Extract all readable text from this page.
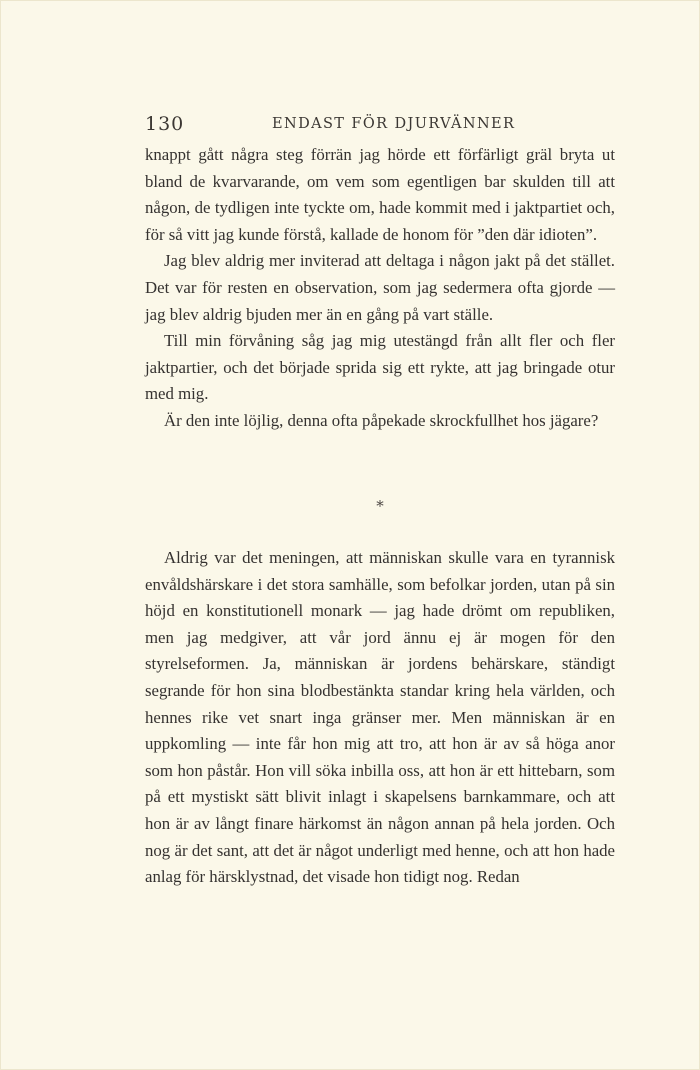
130	ENDAST FÖR DJURVÄNNER

knappt gått några steg förrän jag hörde ett förfärligt gräl bryta ut bland de kvarvarande, om vem som egentligen bar skulden till att någon, de tydligen inte tyckte om, hade kommit med i jaktpartiet och, för så vitt jag kunde förstå, kallade de honom för ”den där idioten”.

Jag blev aldrig mer inviterad att deltaga i någon jakt på det stället. Det var för resten en observation, som jag sedermera ofta gjorde — jag blev aldrig bjuden mer än en gång på vart ställe.

Till min förvåning såg jag mig utestängd från allt fler och fler jaktpartier, och det började sprida sig ett rykte, att jag bringade otur med mig.

Är den inte löjlig, denna ofta påpekade skrockfullhet hos jägare?

*

Aldrig var det meningen, att människan skulle vara en tyrannisk envåldshärskare i det stora samhälle, som befolkar jorden, utan på sin höjd en konstitutionell monark — jag hade drömt om republiken, men jag medgiver, att vår jord ännu ej är mogen för den styrelseformen. Ja, människan är jordens behärskare, ständigt segrande för hon sina blodbestänkta standar kring hela världen, och hennes rike vet snart inga gränser mer. Men människan är en uppkomling — inte får hon mig att tro, att hon är av så höga anor som hon påstår. Hon vill söka inbilla oss, att hon är ett hittebarn, som på ett mystiskt sätt blivit inlagt i skapelsens barnkammare, och att hon är av långt finare härkomst än någon annan på hela jorden. Och nog är det sant, att det är något underligt med henne, och att hon hade anlag för härsklystnad, det visade hon tidigt nog. Redan
